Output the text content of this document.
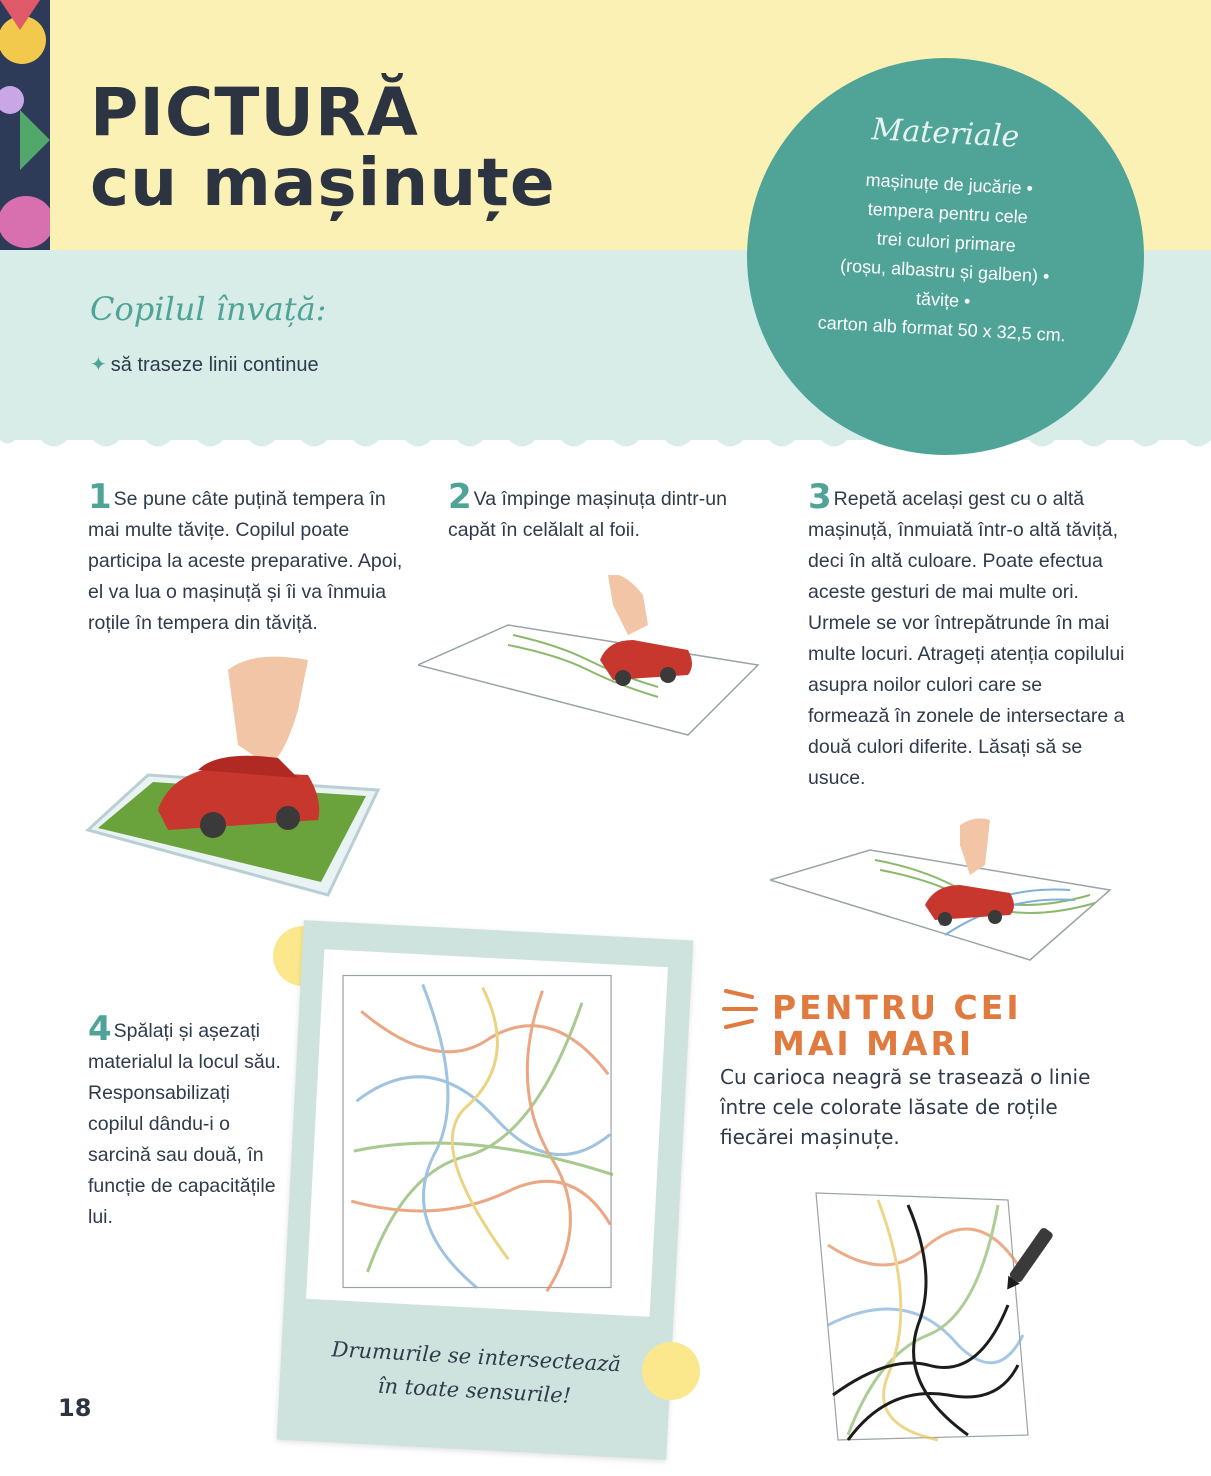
PICTURĂ
cu mașinuțe
Materiale
mașinuțe de jucărie •
tempera pentru cele
trei culori primare
(roșu, albastru și galben) •
tăvițe •
carton alb format 50 x 32,5 cm.
Copilul învață:
✦ să traseze linii continue
1 Se pune câte puțină tempera în mai multe tăvițe. Copilul poate participa la aceste preparative. Apoi, el va lua o mașinuță și îi va înmuia roțile în tempera din tăviță.
2 Va împinge mașinuța dintr-un capăt în celălalt al foii.
3 Repetă același gest cu o altă mașinuță, înmuiată într-o altă tăviță, deci în altă culoare. Poate efectua aceste gesturi de mai multe ori. Urmele se vor întrepătrunde în mai multe locuri. Atrageți atenția copilului asupra noilor culori care se formează în zonele de intersectare a două culori diferite. Lăsați să se usuce.
4 Spălați și așezați materialul la locul său. Responsabilizați copilul dându-i o sarcină sau două, în funcție de capacitățile lui.
Drumurile se intersectează
în toate sensurile!
PENTRU CEI
MAI MARI
Cu carioca neagră se trasează o linie între cele colorate lăsate de roțile fiecărei mașinuțe.
18
